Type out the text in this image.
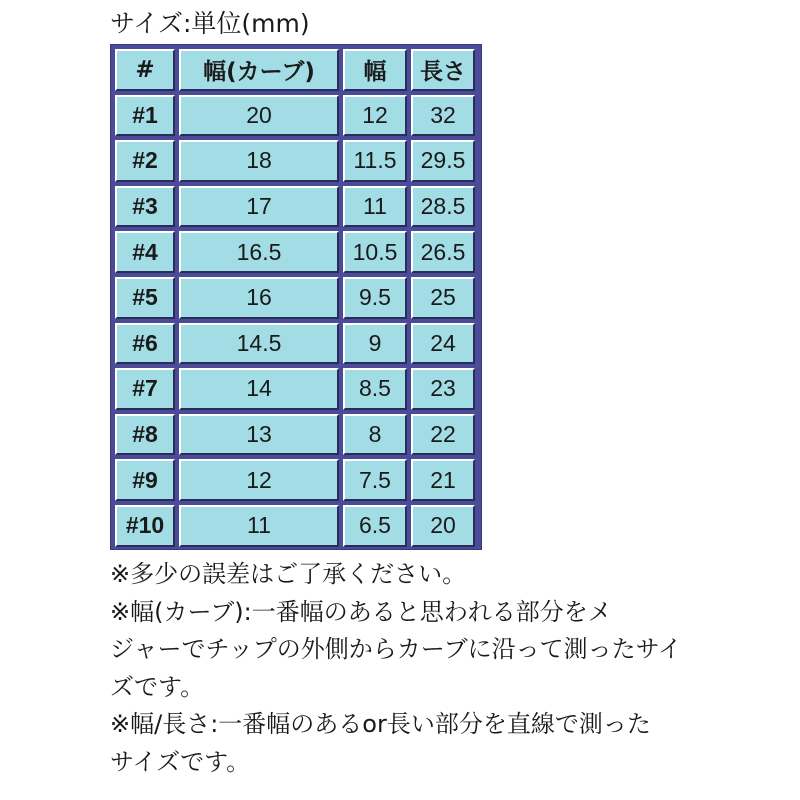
サイズ:単位(mm)
#	幅(カーブ)	幅	長さ
#1	20	12	32
#2	18	11.5	29.5
#3	17	11	28.5
#4	16.5	10.5	26.5
#5	16	9.5	25
#6	14.5	9	24
#7	14	8.5	23
#8	13	8	22
#9	12	7.5	21
#10	11	6.5	20
※多少の誤差はご了承ください。
※幅(カーブ):一番幅のあると思われる部分をメ
ジャーでチップの外側からカーブに沿って測ったサイ
ズです。
※幅/長さ:一番幅のあるor長い部分を直線で測った
サイズです。
